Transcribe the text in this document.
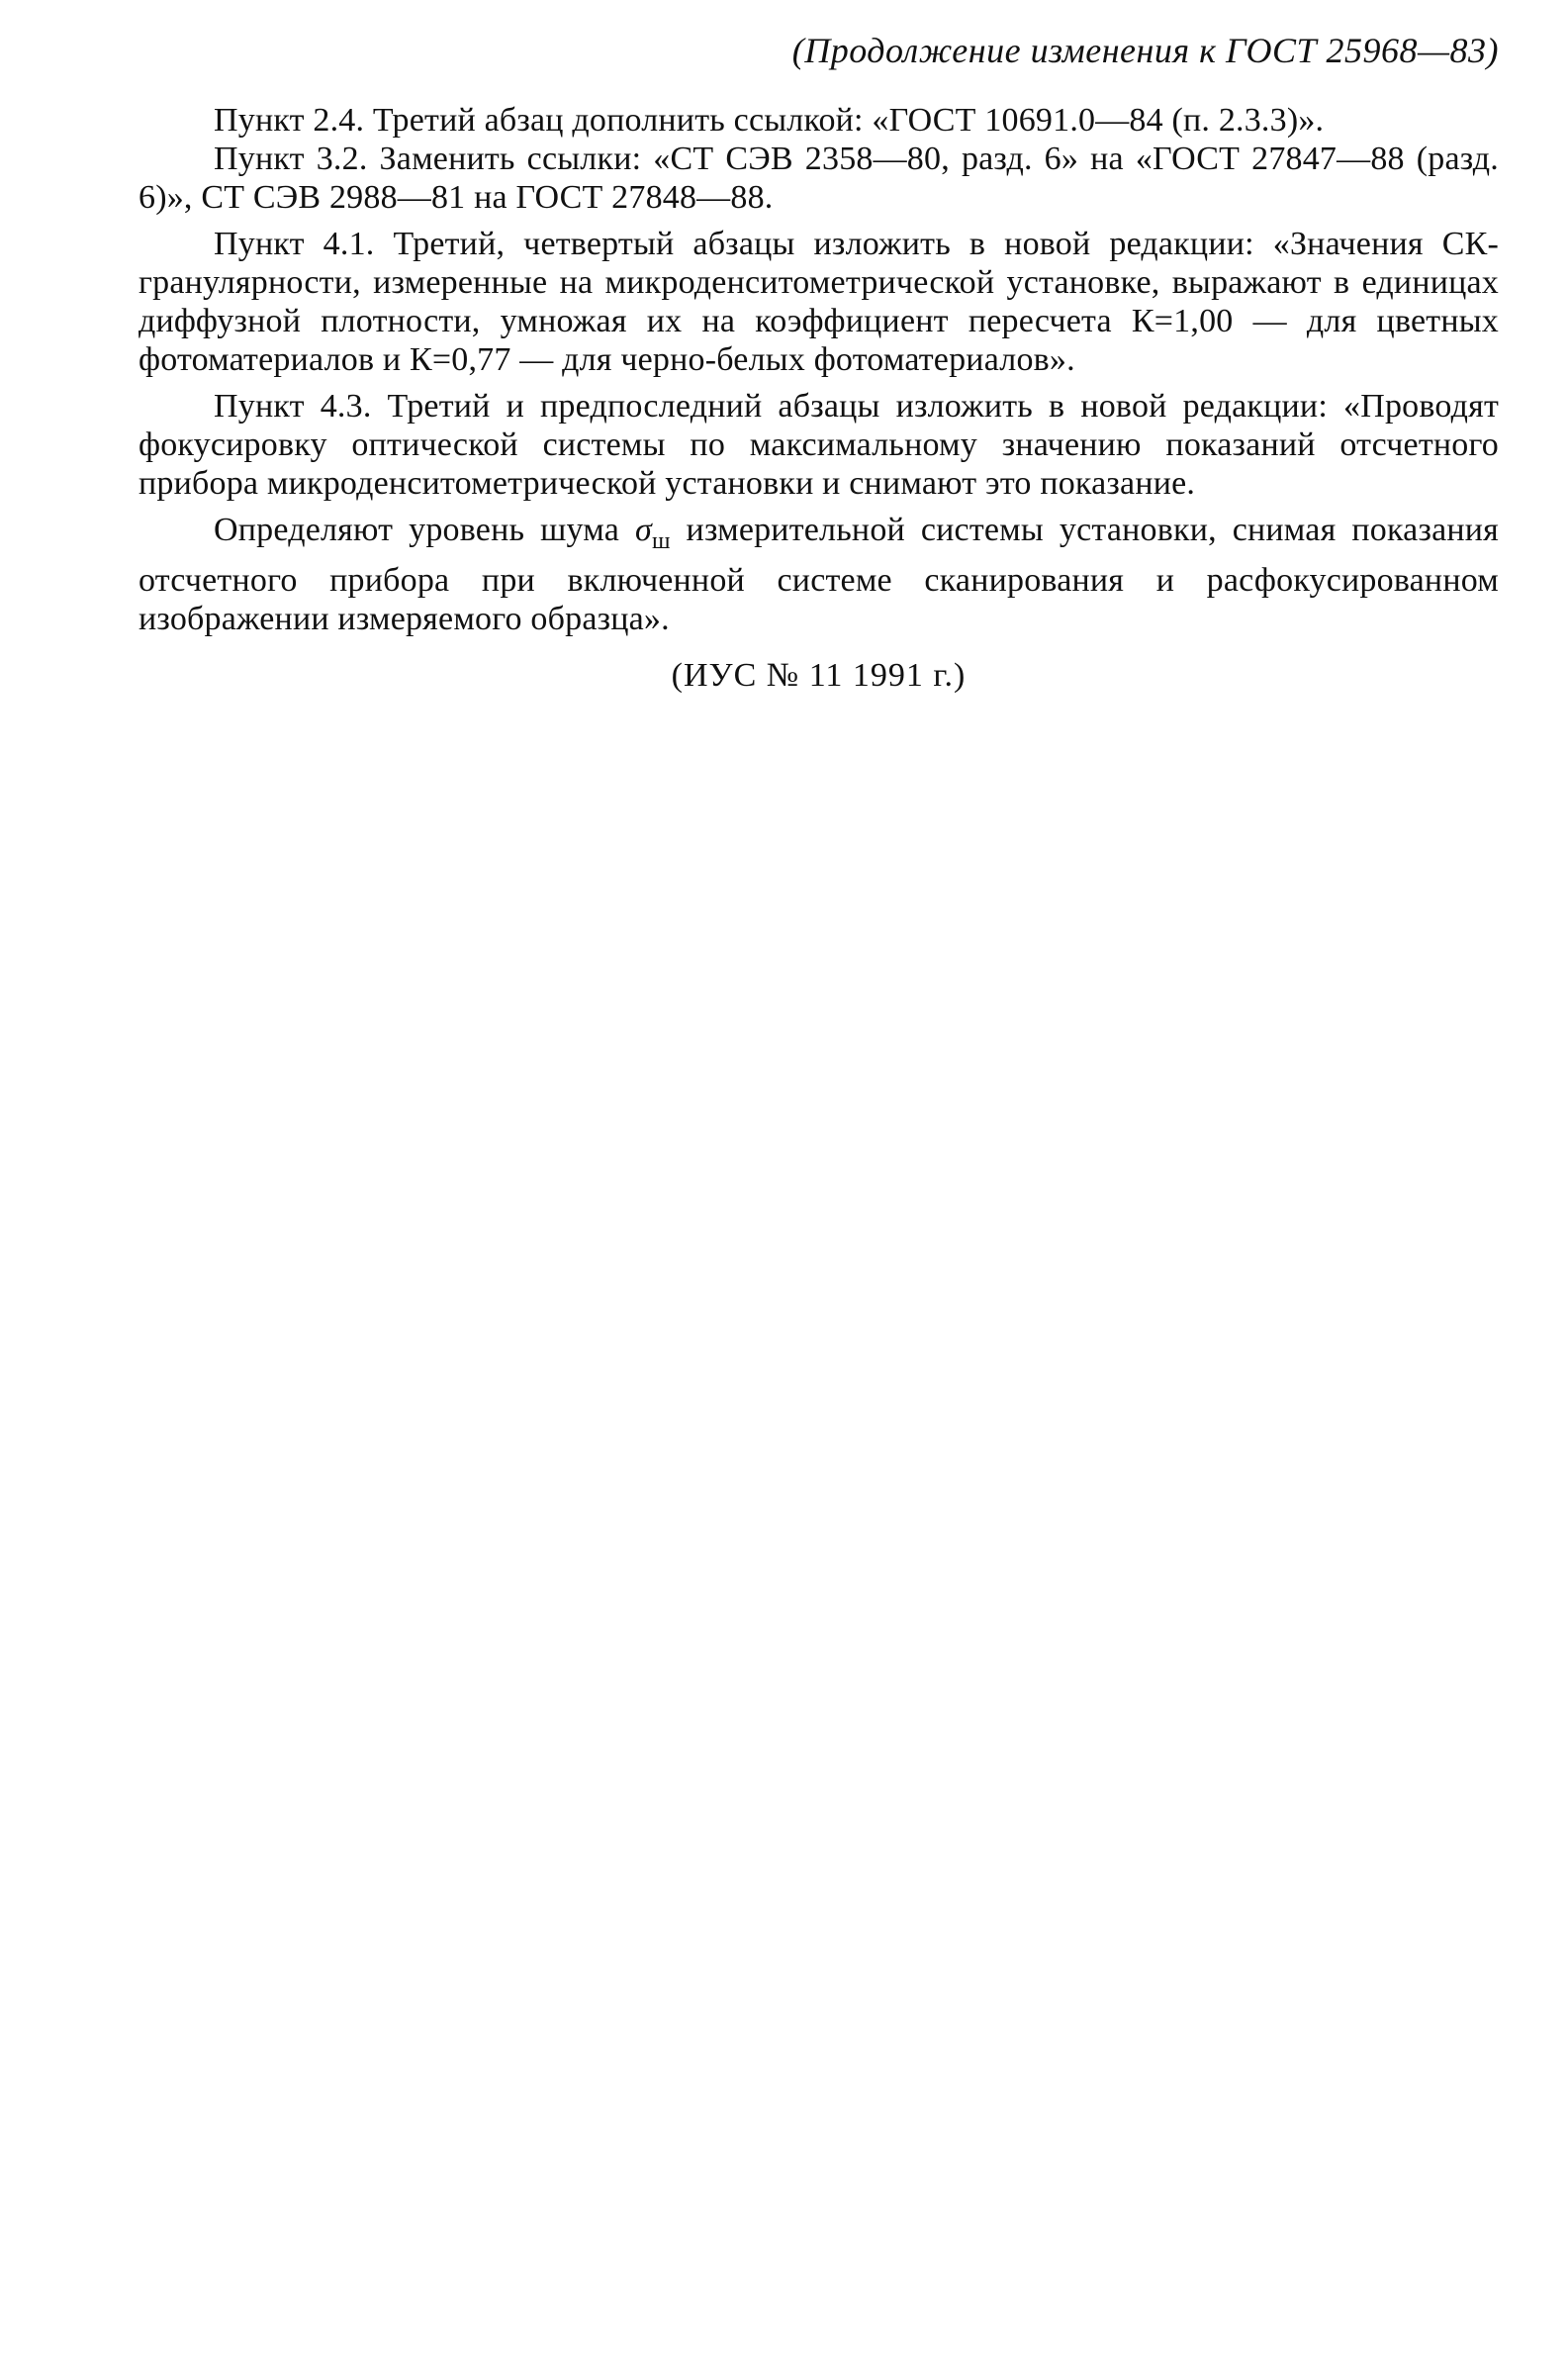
(Продолжение изменения к ГОСТ 25968—83)

Пункт 2.4. Третий абзац дополнить ссылкой: «ГОСТ 10691.0—84 (п. 2.3.3)».

Пункт 3.2. Заменить ссылки: «СТ СЭВ 2358—80, разд. 6» на «ГОСТ 27847—88 (разд. 6)», СТ СЭВ 2988—81 на ГОСТ 27848—88.

Пункт 4.1. Третий, четвертый абзацы изложить в новой редакции: «Значения СК-гранулярности, измеренные на микроденситометрической установке, выражают в единицах диффузной плотности, умножая их на коэффициент пересчета К=1,00 — для цветных фотоматериалов и К=0,77 — для черно-белых фотоматериалов».

Пункт 4.3. Третий и предпоследний абзацы изложить в новой редакции: «Проводят фокусировку оптической системы по максимальному значению показаний отсчетного прибора микроденситометрической установки и снимают это показание.

Определяют уровень шума $\sigma_ш$ измерительной системы установки, снимая показания отсчетного прибора при включенной системе сканирования и расфокусированном изображении измеряемого образца».

(ИУС № 11 1991 г.)
